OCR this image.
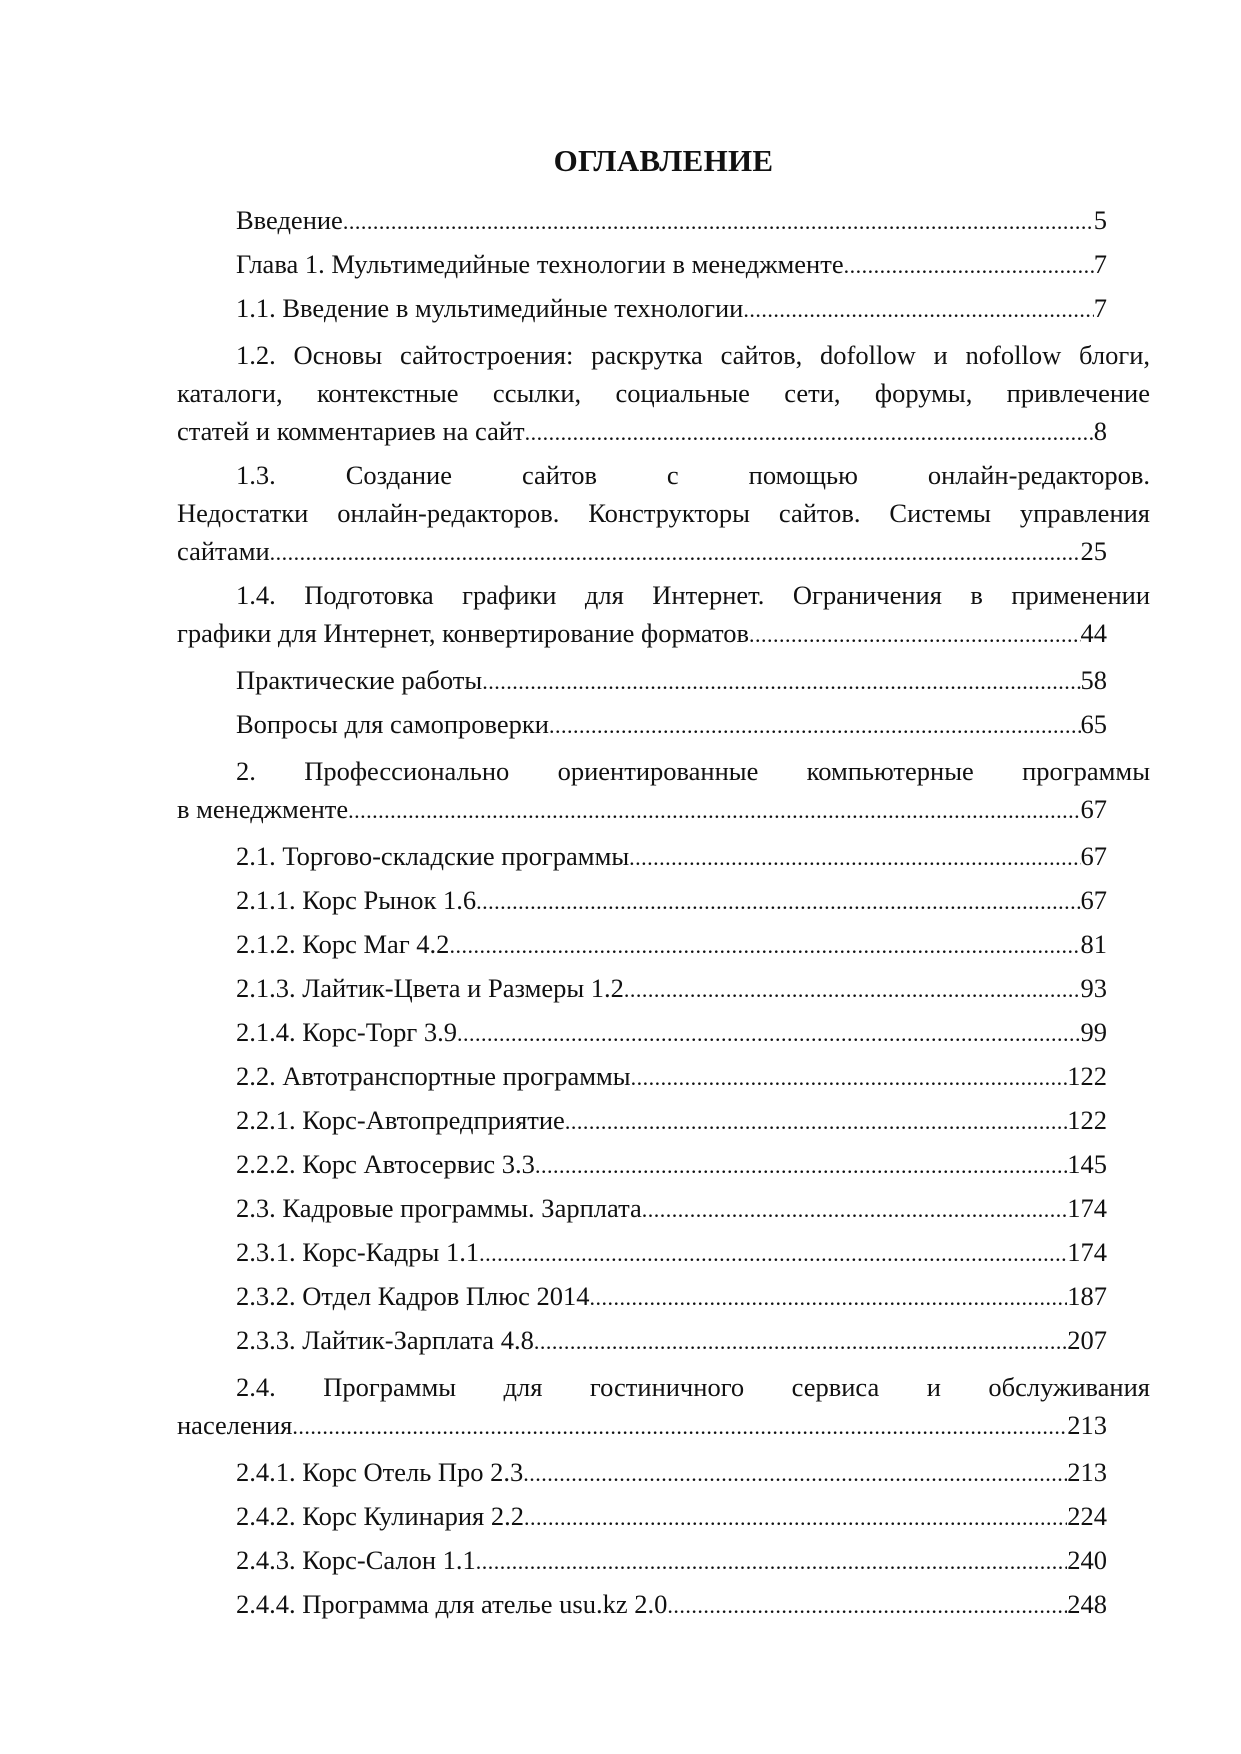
ОГЛАВЛЕНИЕ
Введение .....	5
Глава 1. Мультимедийные технологии в менеджменте .....	7
1.1. Введение в мультимедийные технологии .....	7
1.2. Основы сайтостроения: раскрутка сайтов, dofollow и nofollow блоги,
каталоги, контекстные ссылки, социальные сети, форумы, привлечение
статей и комментариев на сайт .....	8
1.3. Создание сайтов с помощью онлайн-редакторов.
Недостатки онлайн-редакторов. Конструкторы сайтов. Системы управления
сайтами .....	25
1.4. Подготовка графики для Интернет. Ограничения в применении
графики для Интернет, конвертирование форматов .....	44
Практические работы .....	58
Вопросы для самопроверки .....	65
2. Профессионально ориентированные компьютерные программы
в менеджменте .....	67
2.1. Торгово-складские программы .....	67
2.1.1. Корс Рынок 1.6 .....	67
2.1.2. Корс Маг 4.2 .....	81
2.1.3. Лайтик-Цвета и Размеры 1.2 .....	93
2.1.4. Корс-Торг 3.9 .....	99
2.2. Автотранспортные программы .....	122
2.2.1. Корс-Автопредприятие .....	122
2.2.2. Корс Автосервис 3.3 .....	145
2.3. Кадровые программы. Зарплата .....	174
2.3.1. Корс-Кадры 1.1 .....	174
2.3.2. Отдел Кадров Плюс 2014 .....	187
2.3.3. Лайтик-Зарплата 4.8 .....	207
2.4. Программы для гостиничного сервиса и обслуживания
населения .....	213
2.4.1. Корс Отель Про 2.3 .....	213
2.4.2. Корс Кулинария 2.2 .....	224
2.4.3. Корс-Салон 1.1 .....	240
2.4.4. Программа для ателье usu.kz 2.0 .....	248
